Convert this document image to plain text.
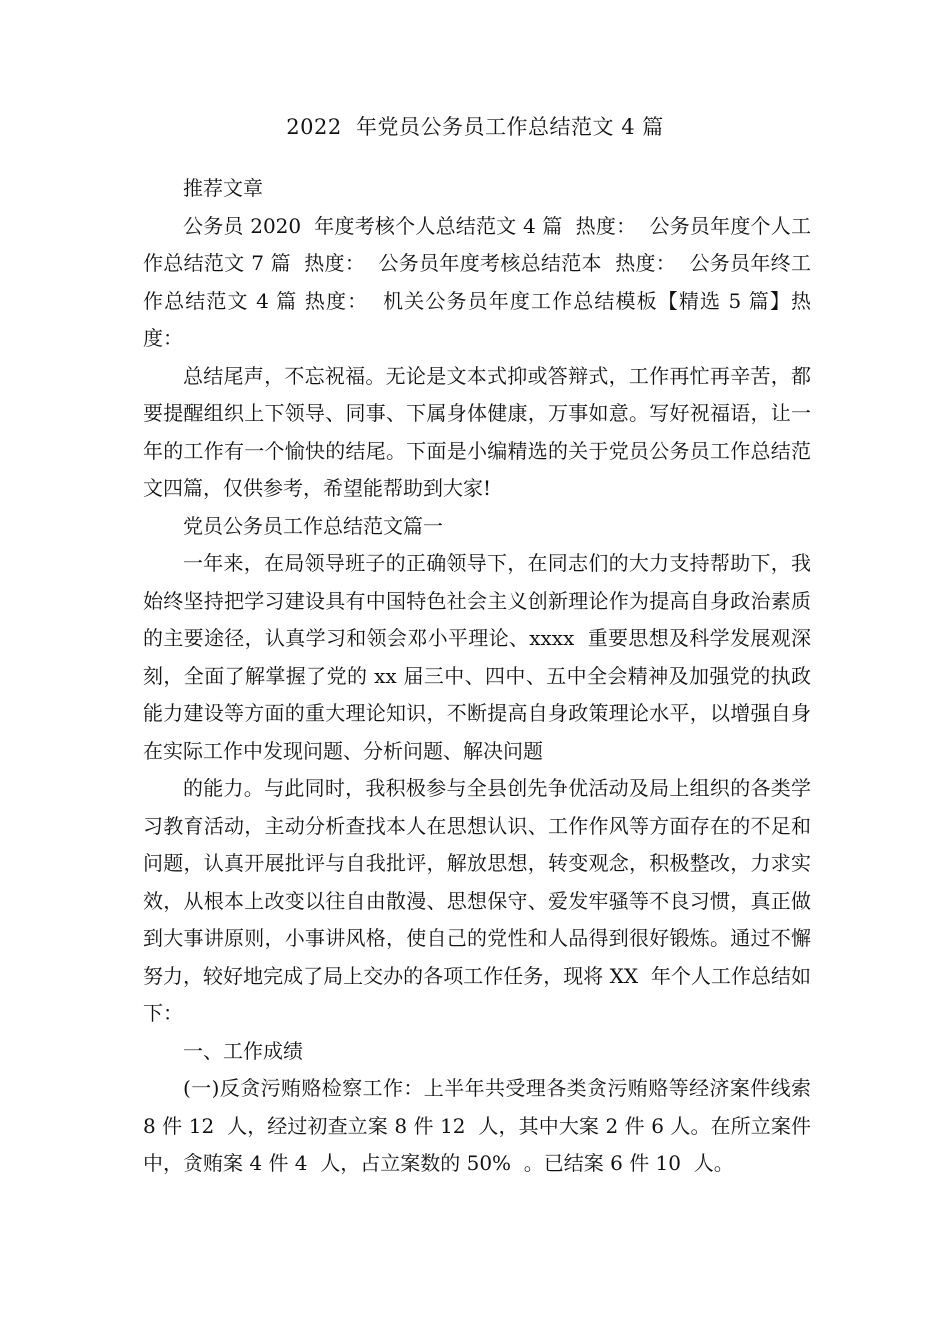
2022  年党员公务员工作总结范文 4 篇

推荐文章

公务员 2020  年度考核个人总结范文 4 篇  热度：  公务员年度个人工作总结范文 7 篇  热度：  公务员年度考核总结范本  热度：  公务员年终工作总结范文 4 篇 热度：  机关公务员年度工作总结模板【精选 5 篇】热度：

总结尾声，不忘祝福。无论是文本式抑或答辩式，工作再忙再辛苦，都要提醒组织上下领导、同事、下属身体健康，万事如意。写好祝福语，让一年的工作有一个愉快的结尾。下面是小编精选的关于党员公务员工作总结范文四篇，仅供参考，希望能帮助到大家!

党员公务员工作总结范文篇一

一年来，在局领导班子的正确领导下，在同志们的大力支持帮助下，我始终坚持把学习建设具有中国特色社会主义创新理论作为提高自身政治素质的主要途径，认真学习和领会邓小平理论、xxxx  重要思想及科学发展观深刻，全面了解掌握了党的 xx 届三中、四中、五中全会精神及加强党的执政能力建设等方面的重大理论知识，不断提高自身政策理论水平，以增强自身在实际工作中发现问题、分析问题、解决问题

的能力。与此同时，我积极参与全县创先争优活动及局上组织的各类学习教育活动，主动分析查找本人在思想认识、工作作风等方面存在的不足和问题，认真开展批评与自我批评，解放思想，转变观念，积极整改，力求实效，从根本上改变以往自由散漫、思想保守、爱发牢骚等不良习惯，真正做到大事讲原则，小事讲风格，使自己的党性和人品得到很好锻炼。通过不懈努力，较好地完成了局上交办的各项工作任务，现将 XX  年个人工作总结如下：

一、工作成绩

(一)反贪污贿赂检察工作：上半年共受理各类贪污贿赂等经济案件线索 8 件 12  人，经过初查立案 8 件 12  人，其中大案 2 件 6 人。在所立案件中，贪贿案 4 件 4  人，占立案数的 50%  。已结案 6 件 10  人。
